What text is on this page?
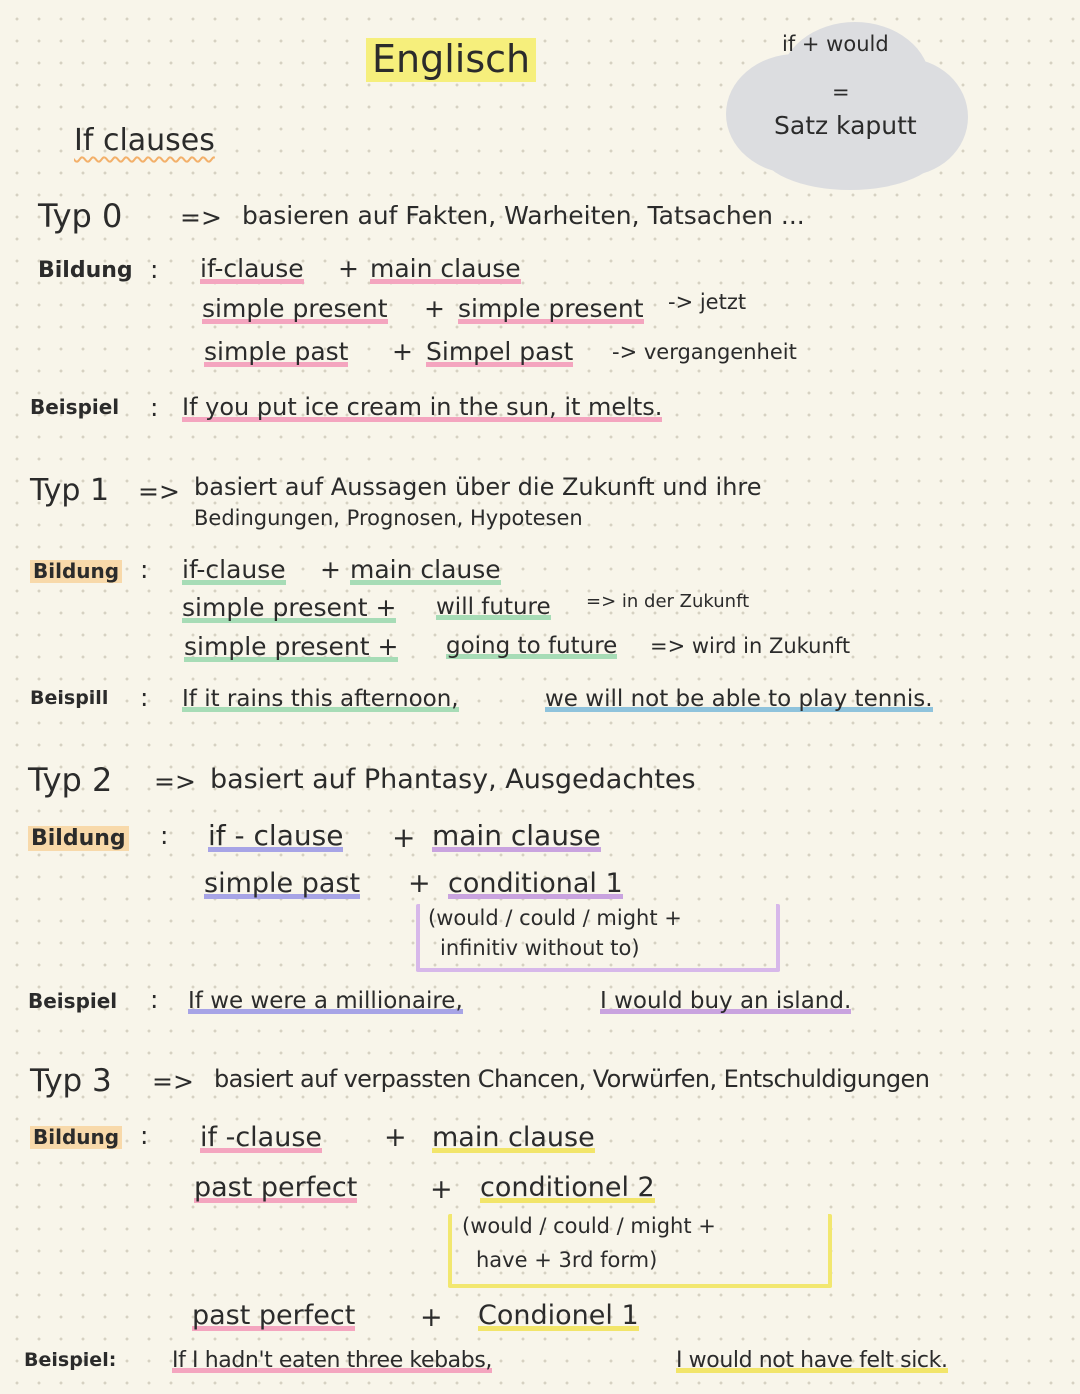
Englisch	if + would
=
Satz kaputt
If clauses
Typ 0 => basieren auf Fakten, Warheiten, Tatsachen ...
Bildung : if-clause + main clause
simple present + simple present -> jetzt
simple past + Simpel past -> vergangenheit
Beispiel : If you put ice cream in the sun, it melts.
Typ 1 => basiert auf Aussagen über die Zukunft und ihre
Bedingungen, Prognosen, Hypotesen
Bildung : if-clause + main clause
simple present + will future => in der Zukunft
simple present + going to future => wird in Zukunft
Beispill : If it rains this afternoon,	we will not be able to play tennis.
Typ 2 => basiert auf Phantasy, Ausgedachtes
Bildung : if - clause + main clause
simple past + conditional 1
(would / could / might +
infinitiv without to)
Beispiel : If we were a millionaire,	I would buy an island.
Typ 3 => basiert auf verpassten Chancen, Vorwürfen, Entschuldigungen
Bildung : if -clause + main clause
past perfect	+ conditionel 2
(would / could / might +
have + 3rd form)
past perfect + Condionel 1
Beispiel:	If I hadn't eaten three kebabs,	I would not have felt sick.
